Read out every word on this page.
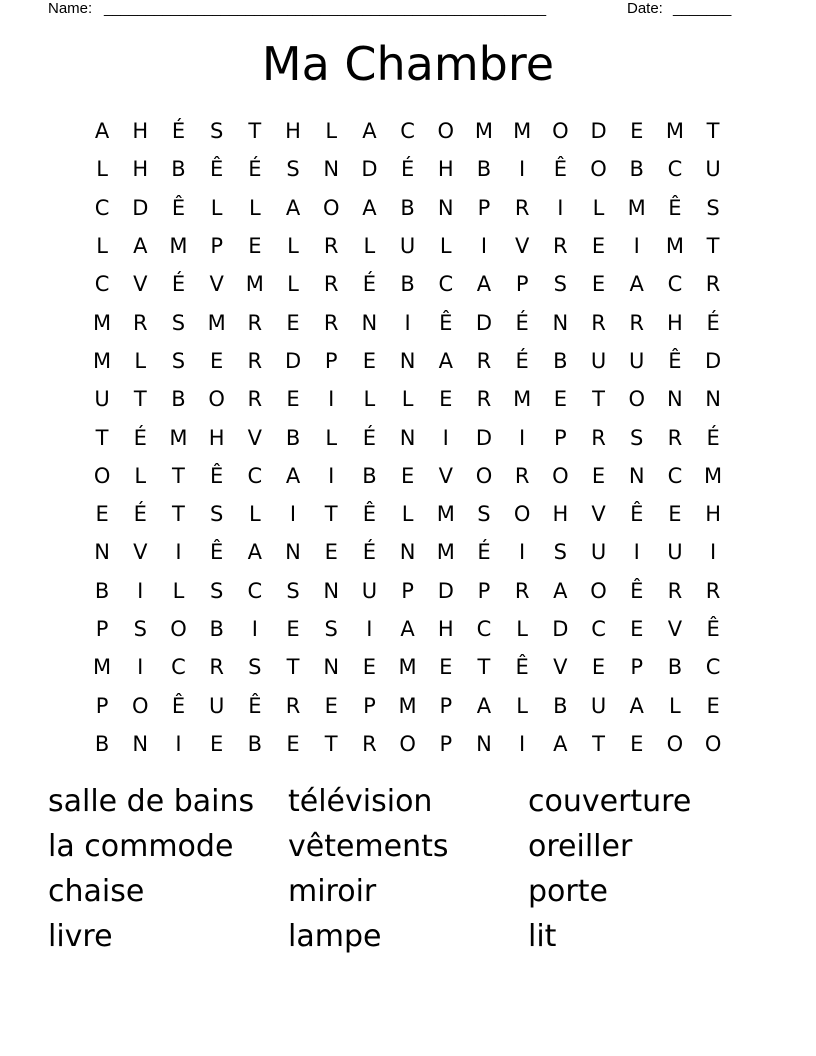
Name: _____________________________________________________	Date: _______
Ma Chambre
A	H	É	S	T	H	L	A	C	O M M O	D	E	M	T
L	H	B	Ê	É	S	N	D	É	H	B	I	Ê	O	B	C	U
C	D	Ê	L	L	A	O	A	B	N	P	R	I	L	M	Ê	S
L	A	M	P	E	L	R	L	U	L	I	V	R	E	I	M	T
C	V	É	V	M	L	R	É	B	C	A	P	S	E	A	C	R
M	R	S	M	R	E	R	N	I	Ê	D	É	N	R	R	H	É
M	L	S	E	R	D	P	E	N	A	R	É	B	U	U	Ê	D
U	T	B	O	R	E	I	L	L	E	R	M	E	T	O	N	N
T	É	M	H	V	B	L	É	N	I	D	I	P	R	S	R	É
O	L	T	Ê	C	A	I	B	E	V	O	R	O	E	N	C	M
E	É	T	S	L	I	T	Ê	L	M	S	O	H	V	Ê	E	H
N	V	I	Ê	A	N	E	É	N	M	É	I	S	U	I	U	I
B	I	L	S	C	S	N	U	P	D	P	R	A	O	Ê	R	R
P	S	O	B	I	E	S	I	A	H	C	L	D	C	E	V	Ê
M	I	C	R	S	T	N	E	M	E	T	Ê	V	E	P	B	C
P	O	Ê	U	Ê	R	E	P	M	P	A	L	B	U	A	L	E
B	N	I	E	B	E	T	R	O	P	N	I	A	T	E	O	O
salle de bains	télévision	couverture
la commode	vêtements	oreiller
chaise	miroir	porte
livre	lampe	lit
